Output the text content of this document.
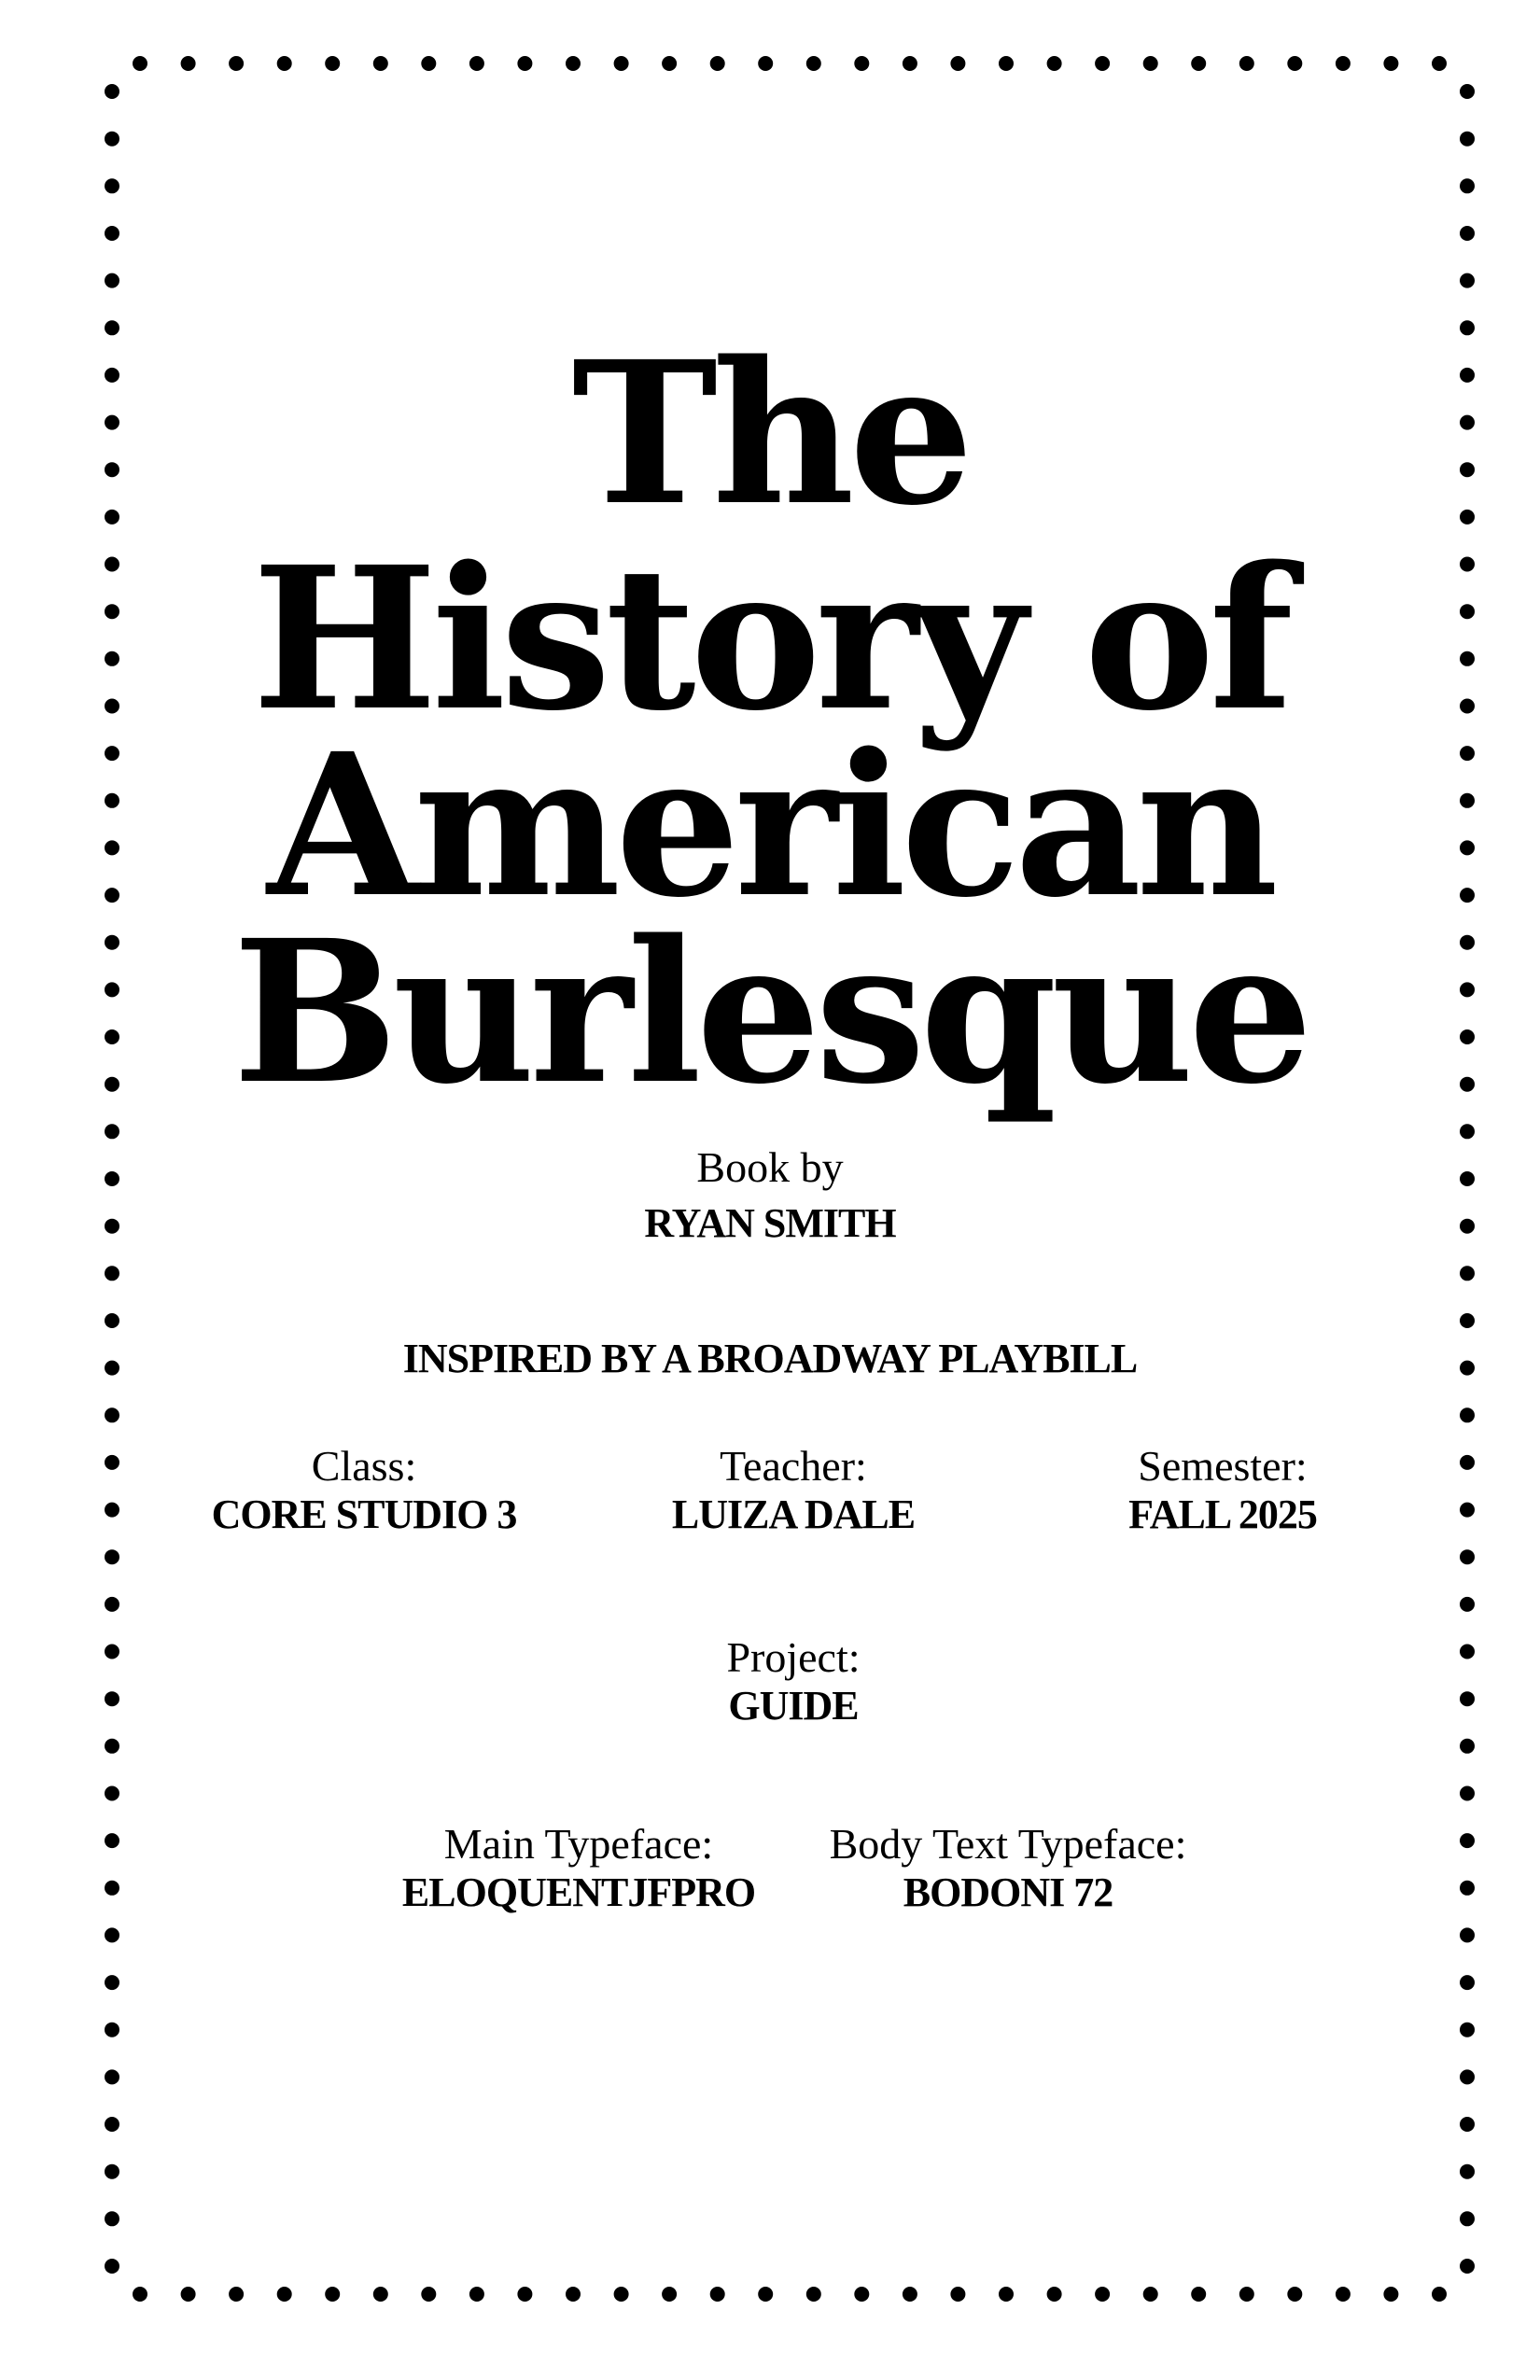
The
History of
American
Burlesque
Book by
RYAN SMITH
INSPIRED BY A BROADWAY PLAYBILL
Class:
CORE STUDIO 3
Teacher:
LUIZA DALE
Semester:
FALL 2025
Project:
GUIDE
Main Typeface:
ELOQUENTJFPRO
Body Text Typeface:
BODONI 72
